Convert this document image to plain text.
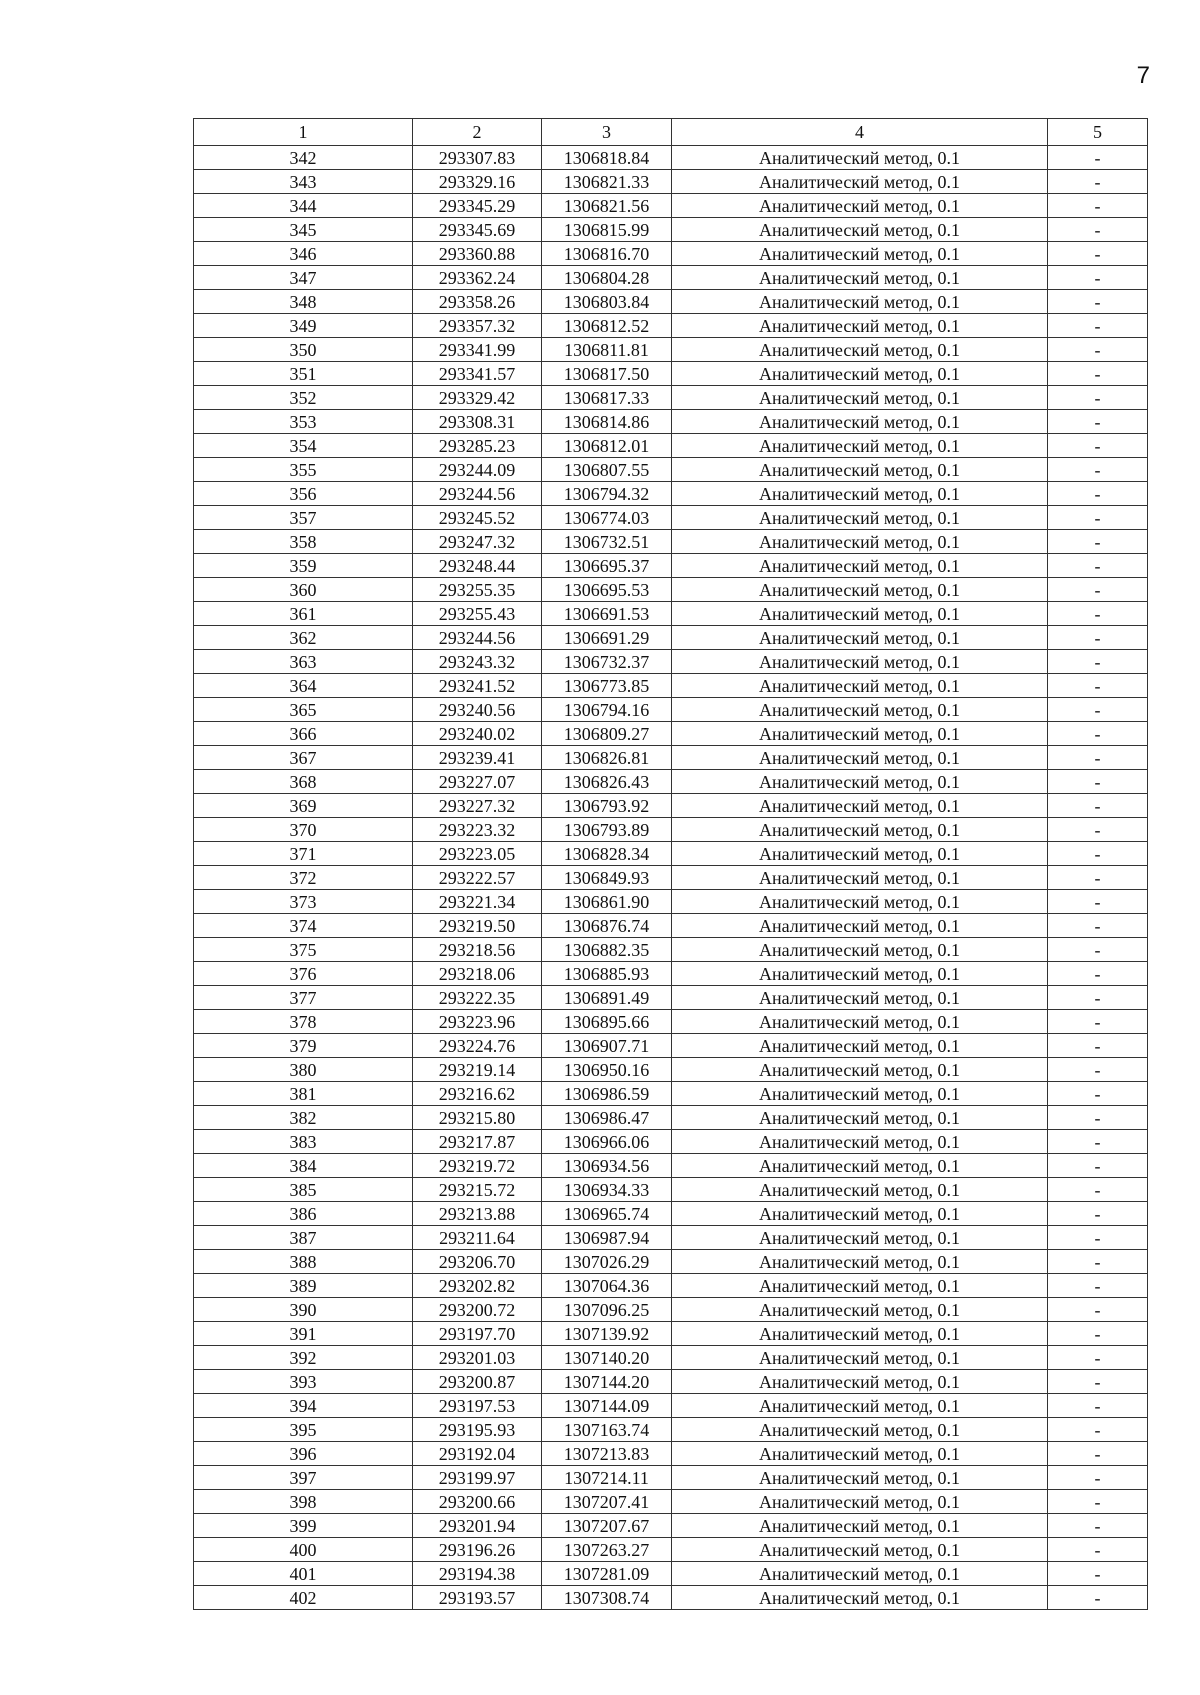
7
1	2	3	4	5
342	293307.83	1306818.84	Аналитический метод, 0.1	-
343	293329.16	1306821.33	Аналитический метод, 0.1	-
344	293345.29	1306821.56	Аналитический метод, 0.1	-
345	293345.69	1306815.99	Аналитический метод, 0.1	-
346	293360.88	1306816.70	Аналитический метод, 0.1	-
347	293362.24	1306804.28	Аналитический метод, 0.1	-
348	293358.26	1306803.84	Аналитический метод, 0.1	-
349	293357.32	1306812.52	Аналитический метод, 0.1	-
350	293341.99	1306811.81	Аналитический метод, 0.1	-
351	293341.57	1306817.50	Аналитический метод, 0.1	-
352	293329.42	1306817.33	Аналитический метод, 0.1	-
353	293308.31	1306814.86	Аналитический метод, 0.1	-
354	293285.23	1306812.01	Аналитический метод, 0.1	-
355	293244.09	1306807.55	Аналитический метод, 0.1	-
356	293244.56	1306794.32	Аналитический метод, 0.1	-
357	293245.52	1306774.03	Аналитический метод, 0.1	-
358	293247.32	1306732.51	Аналитический метод, 0.1	-
359	293248.44	1306695.37	Аналитический метод, 0.1	-
360	293255.35	1306695.53	Аналитический метод, 0.1	-
361	293255.43	1306691.53	Аналитический метод, 0.1	-
362	293244.56	1306691.29	Аналитический метод, 0.1	-
363	293243.32	1306732.37	Аналитический метод, 0.1	-
364	293241.52	1306773.85	Аналитический метод, 0.1	-
365	293240.56	1306794.16	Аналитический метод, 0.1	-
366	293240.02	1306809.27	Аналитический метод, 0.1	-
367	293239.41	1306826.81	Аналитический метод, 0.1	-
368	293227.07	1306826.43	Аналитический метод, 0.1	-
369	293227.32	1306793.92	Аналитический метод, 0.1	-
370	293223.32	1306793.89	Аналитический метод, 0.1	-
371	293223.05	1306828.34	Аналитический метод, 0.1	-
372	293222.57	1306849.93	Аналитический метод, 0.1	-
373	293221.34	1306861.90	Аналитический метод, 0.1	-
374	293219.50	1306876.74	Аналитический метод, 0.1	-
375	293218.56	1306882.35	Аналитический метод, 0.1	-
376	293218.06	1306885.93	Аналитический метод, 0.1	-
377	293222.35	1306891.49	Аналитический метод, 0.1	-
378	293223.96	1306895.66	Аналитический метод, 0.1	-
379	293224.76	1306907.71	Аналитический метод, 0.1	-
380	293219.14	1306950.16	Аналитический метод, 0.1	-
381	293216.62	1306986.59	Аналитический метод, 0.1	-
382	293215.80	1306986.47	Аналитический метод, 0.1	-
383	293217.87	1306966.06	Аналитический метод, 0.1	-
384	293219.72	1306934.56	Аналитический метод, 0.1	-
385	293215.72	1306934.33	Аналитический метод, 0.1	-
386	293213.88	1306965.74	Аналитический метод, 0.1	-
387	293211.64	1306987.94	Аналитический метод, 0.1	-
388	293206.70	1307026.29	Аналитический метод, 0.1	-
389	293202.82	1307064.36	Аналитический метод, 0.1	-
390	293200.72	1307096.25	Аналитический метод, 0.1	-
391	293197.70	1307139.92	Аналитический метод, 0.1	-
392	293201.03	1307140.20	Аналитический метод, 0.1	-
393	293200.87	1307144.20	Аналитический метод, 0.1	-
394	293197.53	1307144.09	Аналитический метод, 0.1	-
395	293195.93	1307163.74	Аналитический метод, 0.1	-
396	293192.04	1307213.83	Аналитический метод, 0.1	-
397	293199.97	1307214.11	Аналитический метод, 0.1	-
398	293200.66	1307207.41	Аналитический метод, 0.1	-
399	293201.94	1307207.67	Аналитический метод, 0.1	-
400	293196.26	1307263.27	Аналитический метод, 0.1	-
401	293194.38	1307281.09	Аналитический метод, 0.1	-
402	293193.57	1307308.74	Аналитический метод, 0.1	-
